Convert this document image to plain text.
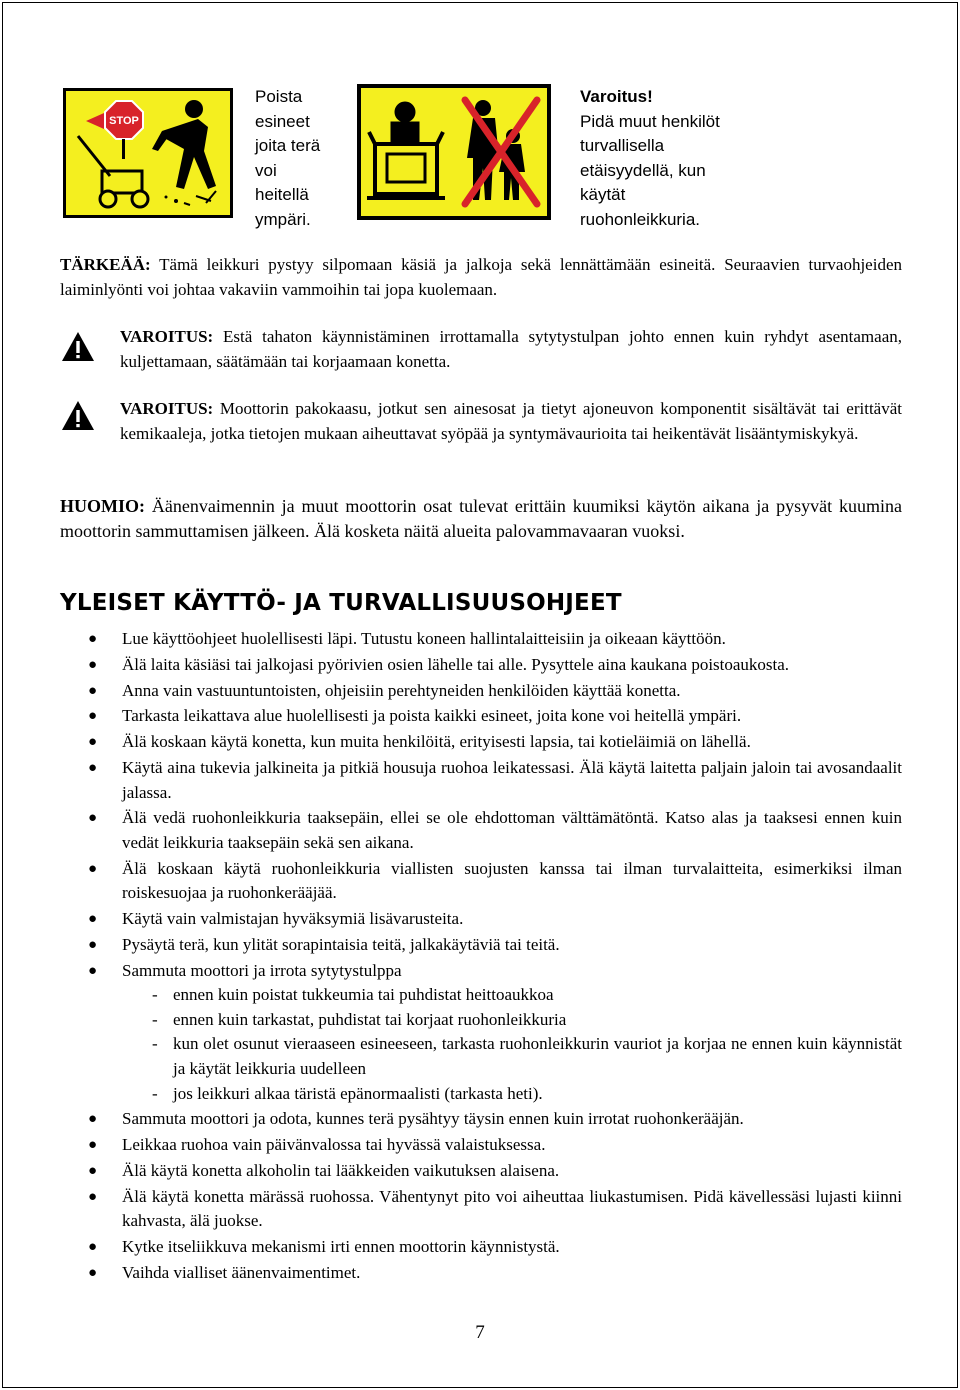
STOP
Poista
esineet
joita terä
voi
heitellä
ympäri.
Varoitus!
Pidä muut henkilöt
turvallisella
etäisyydellä, kun
käytät
ruohonleikkuria.
TÄRKEÄÄ: Tämä leikkuri pystyy silpomaan käsiä ja jalkoja sekä lennättämään esineitä. Seuraavien turvaohjeiden laiminlyönti voi johtaa vakaviin vammoihin tai jopa kuolemaan.
VAROITUS: Estä tahaton käynnistäminen irrottamalla sytytystulpan johto ennen kuin ryhdyt asentamaan, kuljettamaan, säätämään tai korjaamaan konetta.
VAROITUS: Moottorin pakokaasu, jotkut sen ainesosat ja tietyt ajoneuvon komponentit sisältävät tai erittävät kemikaaleja, jotka tietojen mukaan aiheuttavat syöpää ja syntymävaurioita tai heikentävät lisääntymiskykyä.
HUOMIO: Äänenvaimennin ja muut moottorin osat tulevat erittäin kuumiksi käytön aikana ja pysyvät kuumina moottorin sammuttamisen jälkeen. Älä kosketa näitä alueita palovammavaaran vuoksi.
YLEISET KÄYTTÖ- JA TURVALLISUUSOHJEET
● Lue käyttöohjeet huolellisesti läpi. Tutustu koneen hallintalaitteisiin ja oikeaan käyttöön.
● Älä laita käsiäsi tai jalkojasi pyörivien osien lähelle tai alle. Pysyttele aina kaukana poistoaukosta.
● Anna vain vastuuntuntoisten, ohjeisiin perehtyneiden henkilöiden käyttää konetta.
● Tarkasta leikattava alue huolellisesti ja poista kaikki esineet, joita kone voi heitellä ympäri.
● Älä koskaan käytä konetta, kun muita henkilöitä, erityisesti lapsia, tai kotieläimiä on lähellä.
● Käytä aina tukevia jalkineita ja pitkiä housuja ruohoa leikatessasi. Älä käytä laitetta paljain jaloin tai avosandaalit jalassa.
● Älä vedä ruohonleikkuria taaksepäin, ellei se ole ehdottoman välttämätöntä. Katso alas ja taaksesi ennen kuin vedät leikkuria taaksepäin sekä sen aikana.
● Älä koskaan käytä ruohonleikkuria viallisten suojusten kanssa tai ilman turvalaitteita, esimerkiksi ilman roiskesuojaa ja ruohonkerääjää.
● Käytä vain valmistajan hyväksymiä lisävarusteita.
● Pysäytä terä, kun ylität sorapintaisia teitä, jalkakäytäviä tai teitä.
● Sammuta moottori ja irrota sytytystulppa
- ennen kuin poistat tukkeumia tai puhdistat heittoaukkoa
- ennen kuin tarkastat, puhdistat tai korjaat ruohonleikkuria
- kun olet osunut vieraaseen esineeseen, tarkasta ruohonleikkurin vauriot ja korjaa ne ennen kuin käynnistät ja käytät leikkuria uudelleen
- jos leikkuri alkaa täristä epänormaalisti (tarkasta heti).
● Sammuta moottori ja odota, kunnes terä pysähtyy täysin ennen kuin irrotat ruohonkerääjän.
● Leikkaa ruohoa vain päivänvalossa tai hyvässä valaistuksessa.
● Älä käytä konetta alkoholin tai lääkkeiden vaikutuksen alaisena.
● Älä käytä konetta märässä ruohossa. Vähentynyt pito voi aiheuttaa liukastumisen. Pidä kävellessäsi lujasti kiinni kahvasta, älä juokse.
● Kytke itseliikkuva mekanismi irti ennen moottorin käynnistystä.
● Vaihda vialliset äänenvaimentimet.
7
